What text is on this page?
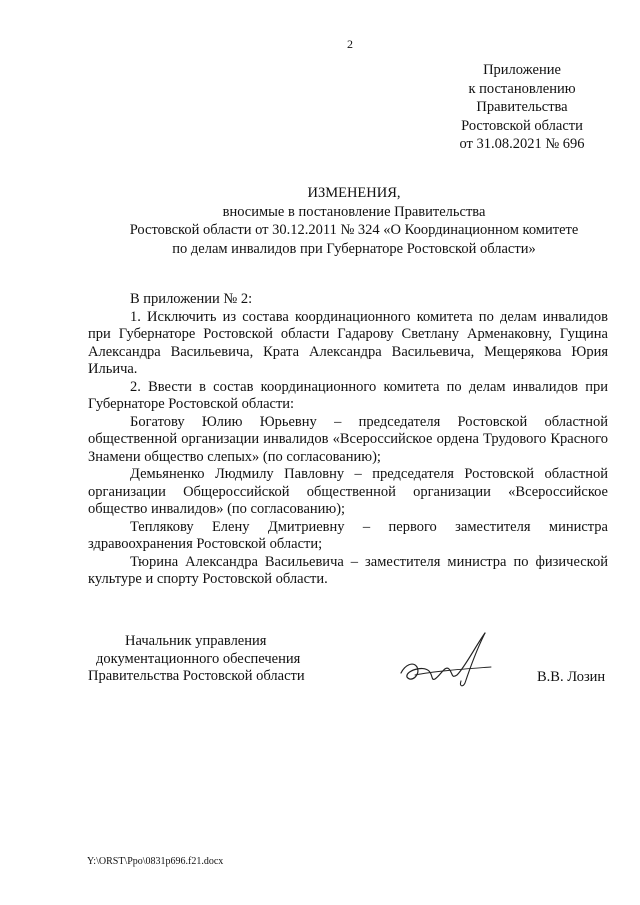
2
Приложение
к постановлению
Правительства
Ростовской области
от 31.08.2021 № 696
ИЗМЕНЕНИЯ,
вносимые в постановление Правительства
Ростовской области от 30.12.2011 № 324 «О Координационном комитете
по делам инвалидов при Губернаторе Ростовской области»

В приложении № 2:

1. Исключить из состава координационного комитета по делам инвалидов при Губернаторе Ростовской области Гадарову Светлану Арменаковну, Гущина Александра Васильевича, Крата Александра Васильевича, Мещерякова Юрия Ильича.

2. Ввести в состав координационного комитета по делам инвалидов при Губернаторе Ростовской области:

Богатову Юлию Юрьевну – председателя Ростовской областной общественной организации инвалидов «Всероссийское ордена Трудового Красного Знамени общество слепых» (по согласованию);

Демьяненко Людмилу Павловну – председателя Ростовской областной организации Общероссийской общественной организации «Всероссийское общество инвалидов» (по согласованию);

Теплякову Елену Дмитриевну – первого заместителя министра здравоохранения Ростовской области;

Тюрина Александра Васильевича – заместителя министра по физической культуре и спорту Ростовской области.

Начальник управления
документационного обеспечения
Правительства Ростовской области	В.В. Лозин
Y:\ORST\Ppo\0831p696.f21.docx
